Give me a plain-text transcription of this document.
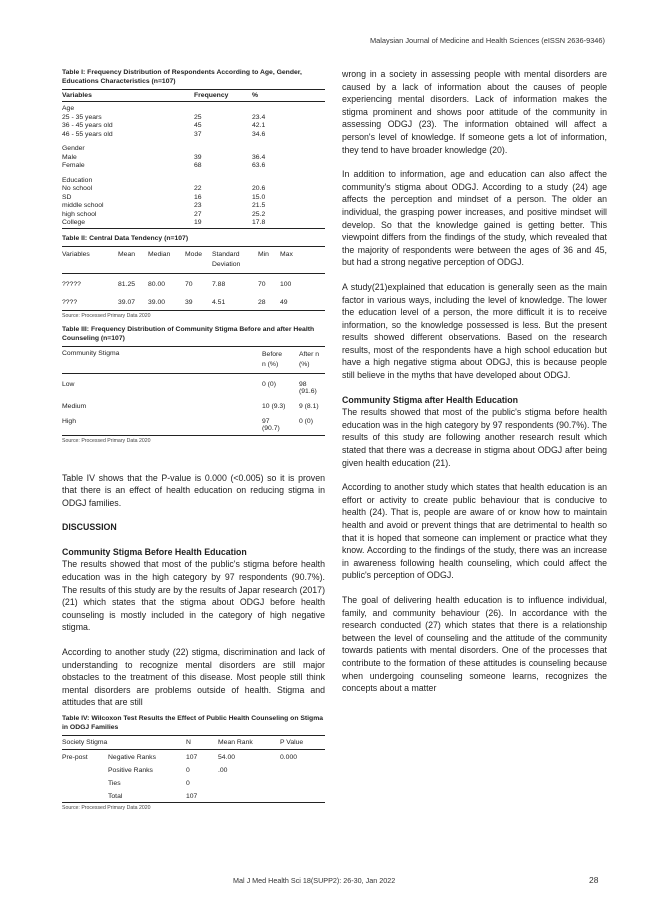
Malaysian Journal of Medicine and Health Sciences (eISSN 2636-9346)
Table I: Frequency Distribution of Respondents According to Age, Gender, Educations Characteristics (n=107)
Variables	Frequency	%
Age		
25 - 35 years	25	23.4
36 - 45 years old	45	42.1
46 - 55 years old	37	34.6
Gender		
Male	39	36.4
Female	68	63.6
Education		
No school	22	20.6
SD	16	15.0
middle school	23	21.5
high school	27	25.2
College	19	17.8
Table II: Central Data Tendency (n=107)
Variables	Mean	Median	Mode	Standard Deviation	Min	Max
?????	81.25	80.00	70	7.88	70	100
????	39.07	39.00	39	4.51	28	49
Source: Processed Primary Data 2020
Table III: Frequency Distribution of Community Stigma Before and after Health Counseling (n=107)
Community Stigma	Before n (%)	After n (%)
Low	0 (0)	98 (91.6)
Medium	10 (9.3)	9 (8.1)
High	97 (90.7)	0 (0)
Source: Processed Primary Data 2020

Table IV shows that the P-value is 0.000 (<0.005) so it is proven that there is an effect of health education on reducing stigma in ODGJ families.

DISCUSSION

Community Stigma Before Health Education

The results showed that most of the public's stigma before health education was in the high category by 97 respondents (90.7%). The results of this study are by the results of Japar research (2017) (21) which states that the stigma about ODGJ before health counseling is mostly included in the category of high negative stigma.

According to another study (22) stigma, discrimination and lack of understanding to recognize mental disorders are still major obstacles to the treatment of this disease. Most people still think mental disorders are problems outside of health. Stigma and attitudes that are still

Table IV: Wilcoxon Test Results the Effect of Public Health Counseling on Stigma in ODGJ Families
Society Stigma		N	Mean Rank	P Value
Pre-post	Negative Ranks	107	54.00	0.000
	Positive Ranks	0	.00	
	Ties	0		
	Total	107		
Source: Processed Primary Data 2020

wrong in a society in assessing people with mental disorders are caused by a lack of information about the causes of people experiencing mental disorders. Lack of information makes the stigma prominent and shows poor attitude of the community in assessing ODGJ (23). The information obtained will affect a person's level of knowledge. If someone gets a lot of information, they tend to have broader knowledge (20).

In addition to information, age and education can also affect the community's stigma about ODGJ. According to a study (24) age affects the perception and mindset of a person. The older an individual, the grasping power increases, and positive mindset will develop. So that the knowledge gained is getting better. This viewpoint differs from the findings of the study, which revealed that the majority of respondents were between the ages of 36 and 45, but had a strong negative perception of ODGJ.

A study(21)explained that education is generally seen as the main factor in various ways, including the level of knowledge. The lower the education level of a person, the more difficult it is to receive information, so the knowledge possessed is less. But the present results showed different observations. Based on the research results, most of the respondents have a high school education but have a high negative stigma about ODGJ, this is because people still believe in the myths that have developed about ODGJ.

Community Stigma after Health Education

The results showed that most of the public's stigma before health education was in the high category by 97 respondents (90.7%). The results of this study are following another research result which stated that there was a decrease in stigma about ODGJ after being given health education (21).

According to another study which states that health education is an effort or activity to create public behaviour that is conducive to health (24). That is, people are aware of or know how to maintain health and avoid or prevent things that are detrimental to health so that it is hoped that someone can implement or practice what they know. According to the findings of the study, there was an increase in awareness following health counseling, which could affect the public's perception of ODGJ.

The goal of delivering health education is to influence individual, family, and community behaviour (26). In accordance with the research conducted (27) which states that there is a relationship between the level of counseling and the attitude of the community towards patients with mental disorders. One of the processes that contribute to the formation of these attitudes is counseling because when undergoing counseling someone learns, recognizes the concepts about a matter

Mal J Med Health Sci 18(SUPP2): 26-30, Jan 2022	28
